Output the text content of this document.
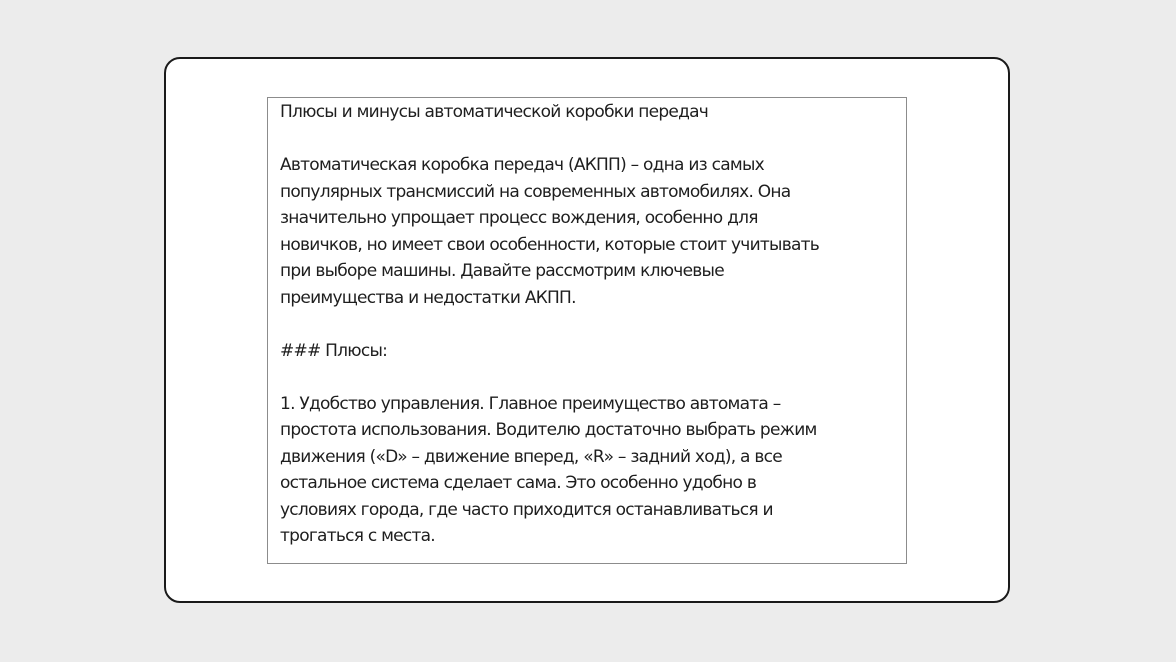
Плюсы и минусы автоматической коробки передач
Автоматическая коробка передач (АКПП) – одна из самых
популярных трансмиссий на современных автомобилях. Она
значительно упрощает процесс вождения, особенно для
новичков, но имеет свои особенности, которые стоит учитывать
при выборе машины. Давайте рассмотрим ключевые
преимущества и недостатки АКПП.
### Плюсы:
1. Удобство управления. Главное преимущество автомата –
простота использования. Водителю достаточно выбрать режим
движения («D» – движение вперед, «R» – задний ход), а все
остальное система сделает сама. Это особенно удобно в
условиях города, где часто приходится останавливаться и
трогаться с места.
